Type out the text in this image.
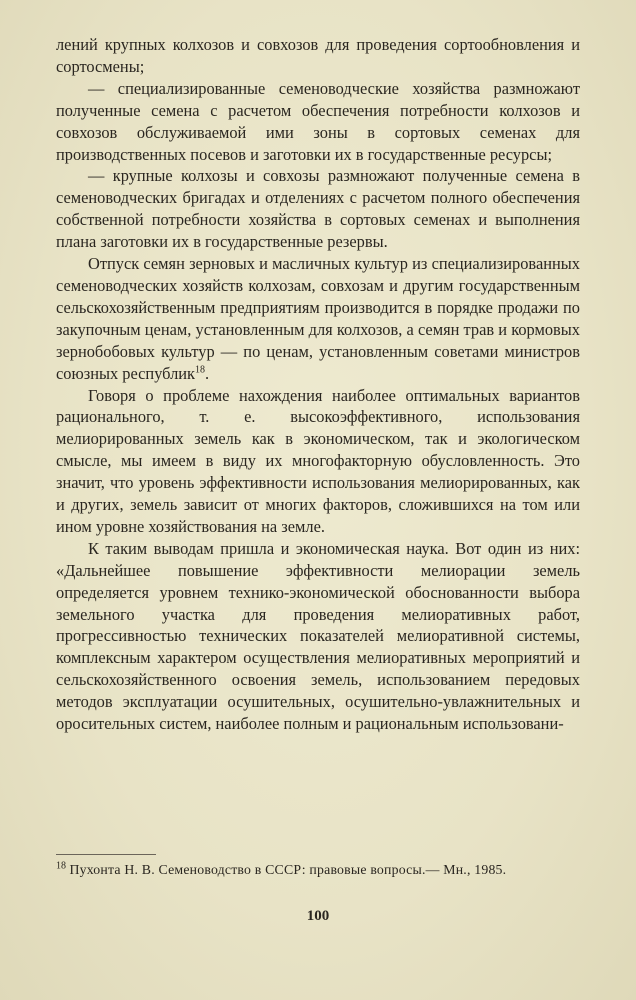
лений крупных колхозов и совхозов для проведения сортообновления и сортосмены;

— специализированные семеноводческие хозяйства размножают полученные семена с расчетом обеспечения потребности колхозов и совхозов обслуживаемой ими зоны в сортовых семенах для производственных посевов и заготовки их в государственные ресурсы;

— крупные колхозы и совхозы размножают полученные семена в семеноводческих бригадах и отделениях с расчетом полного обеспечения собственной потребности хозяйства в сортовых семенах и выполнения плана заготовки их в государственные резервы.

Отпуск семян зерновых и масличных культур из специализированных семеноводческих хозяйств колхозам, совхозам и другим государственным сельскохозяйственным предприятиям производится в порядке продажи по закупочным ценам, установленным для колхозов, а семян трав и кормовых зернобобовых культур — по ценам, установленным советами министров союзных республик$^{18}$.

Говоря о проблеме нахождения наиболее оптимальных вариантов рационального, т. е. высокоэффективного, использования мелиорированных земель как в экономическом, так и экологическом смысле, мы имеем в виду их многофакторную обусловленность. Это значит, что уровень эффективности использования мелиорированных, как и других, земель зависит от многих факторов, сложившихся на том или ином уровне хозяйствования на земле.

К таким выводам пришла и экономическая наука. Вот один из них: «Дальнейшее повышение эффективности мелиорации земель определяется уровнем технико-экономической обоснованности выбора земельного участка для проведения мелиоративных работ, прогрессивностью технических показателей мелиоративной системы, комплексным характером осуществления мелиоративных мероприятий и сельскохозяйственного освоения земель, использованием передовых методов эксплуатации осушительных, осушительно-увлажнительных и оросительных систем, наиболее полным и рациональным использовани-

$^{18}$ Пухонта Н. В. Семеноводство в СССР: правовые вопросы.— Мн., 1985.
100
